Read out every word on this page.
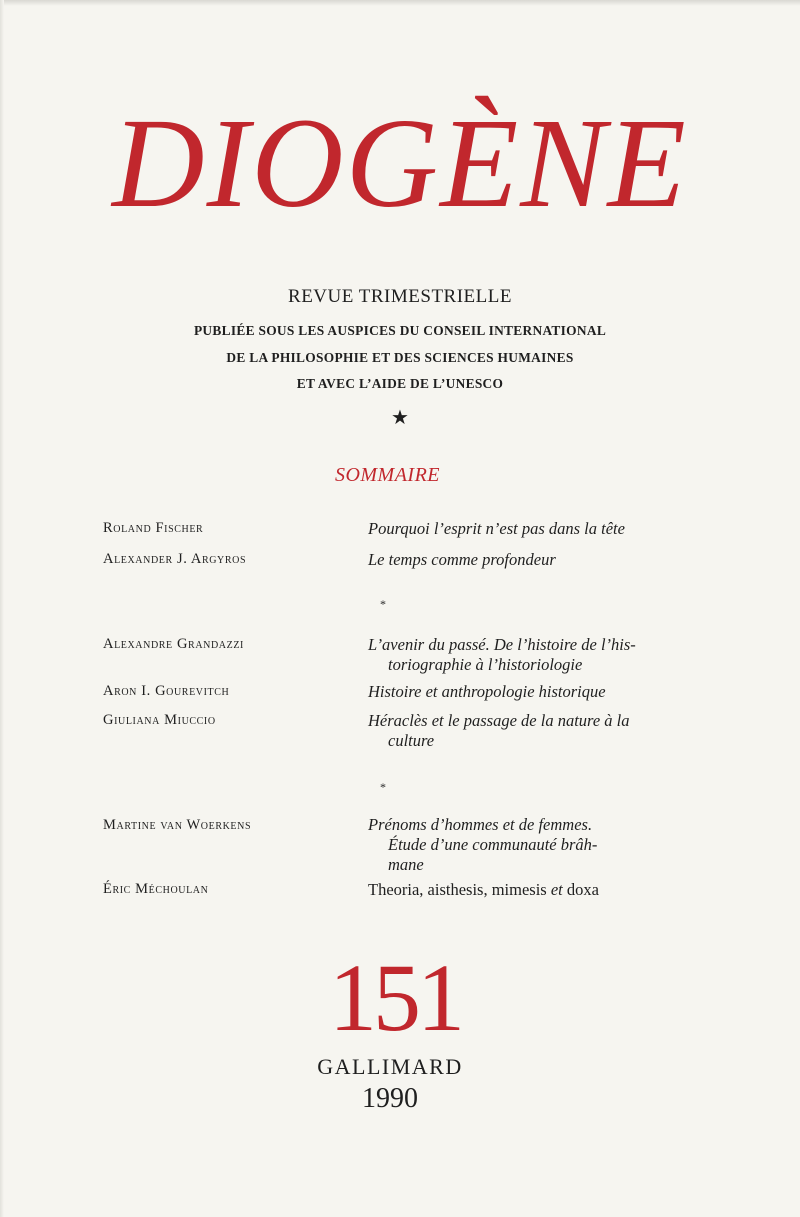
DIOGÈNE
REVUE TRIMESTRIELLE
PUBLIÉE SOUS LES AUSPICES DU CONSEIL INTERNATIONAL
DE LA PHILOSOPHIE ET DES SCIENCES HUMAINES
ET AVEC L’AIDE DE L’UNESCO
★
SOMMAIRE
Roland Fischer	Pourquoi l’esprit n’est pas dans la tête
Alexander J. Argyros	Le temps comme profondeur
*
Alexandre Grandazzi	L’avenir du passé. De l’histoire de l’his-
toriographie à l’historiologie
Aron I. Gourevitch	Histoire et anthropologie historique
Giuliana Miuccio	Héraclès et le passage de la nature à la
culture
*
Martine van Woerkens	Prénoms d’hommes et de femmes.
Étude d’une communauté brâh-
mane
Éric Méchoulan	Theoria, aisthesis, mimesis et doxa
151
GALLIMARD
1990
